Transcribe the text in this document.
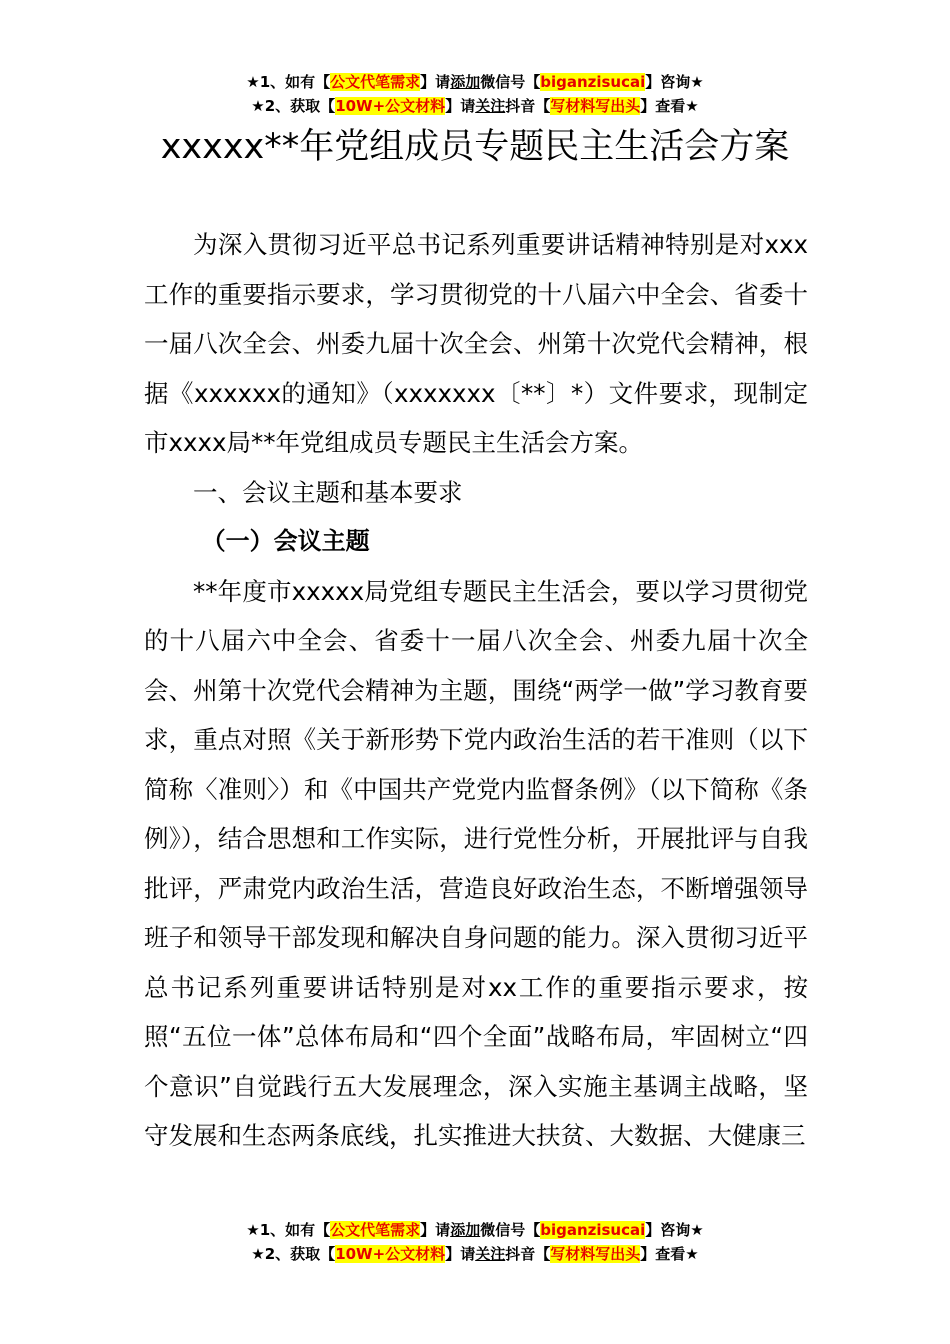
★1、如有【公文代笔需求】请添加微信号【biganzisucai】咨询★
★2、获取【10W+公文材料】请关注抖音【写材料写出头】查看★
xxxxx**年党组成员专题民主生活会方案

为深入贯彻习近平总书记系列重要讲话精神特别是对xxx工作的重要指示要求，学习贯彻党的十八届六中全会、省委十一届八次全会、州委九届十次全会、州第十次党代会精神，根据《xxxxxx的通知》（xxxxxxx〔**〕*）文件要求，现制定市xxxx局**年党组成员专题民主生活会方案。

一、会议主题和基本要求

（一）会议主题

**年度市xxxxx局党组专题民主生活会，要以学习贯彻党的十八届六中全会、省委十一届八次全会、州委九届十次全会、州第十次党代会精神为主题，围绕“两学一做”学习教育要求，重点对照《关于新形势下党内政治生活的若干准则（以下简称〈准则〉）和《中国共产党党内监督条例》（以下简称《条例》），结合思想和工作实际，进行党性分析，开展批评与自我批评，严肃党内政治生活，营造良好政治生态，不断增强领导班子和领导干部发现和解决自身问题的能力。深入贯彻习近平总书记系列重要讲话特别是对xx工作的重要指示要求，按照“五位一体”总体布局和“四个全面”战略布局，牢固树立“四个意识”自觉践行五大发展理念，深入实施主基调主战略，坚守发展和生态两条底线，扎实推进大扶贫、大数据、大健康三

★1、如有【公文代笔需求】请添加微信号【biganzisucai】咨询★
★2、获取【10W+公文材料】请关注抖音【写材料写出头】查看★
